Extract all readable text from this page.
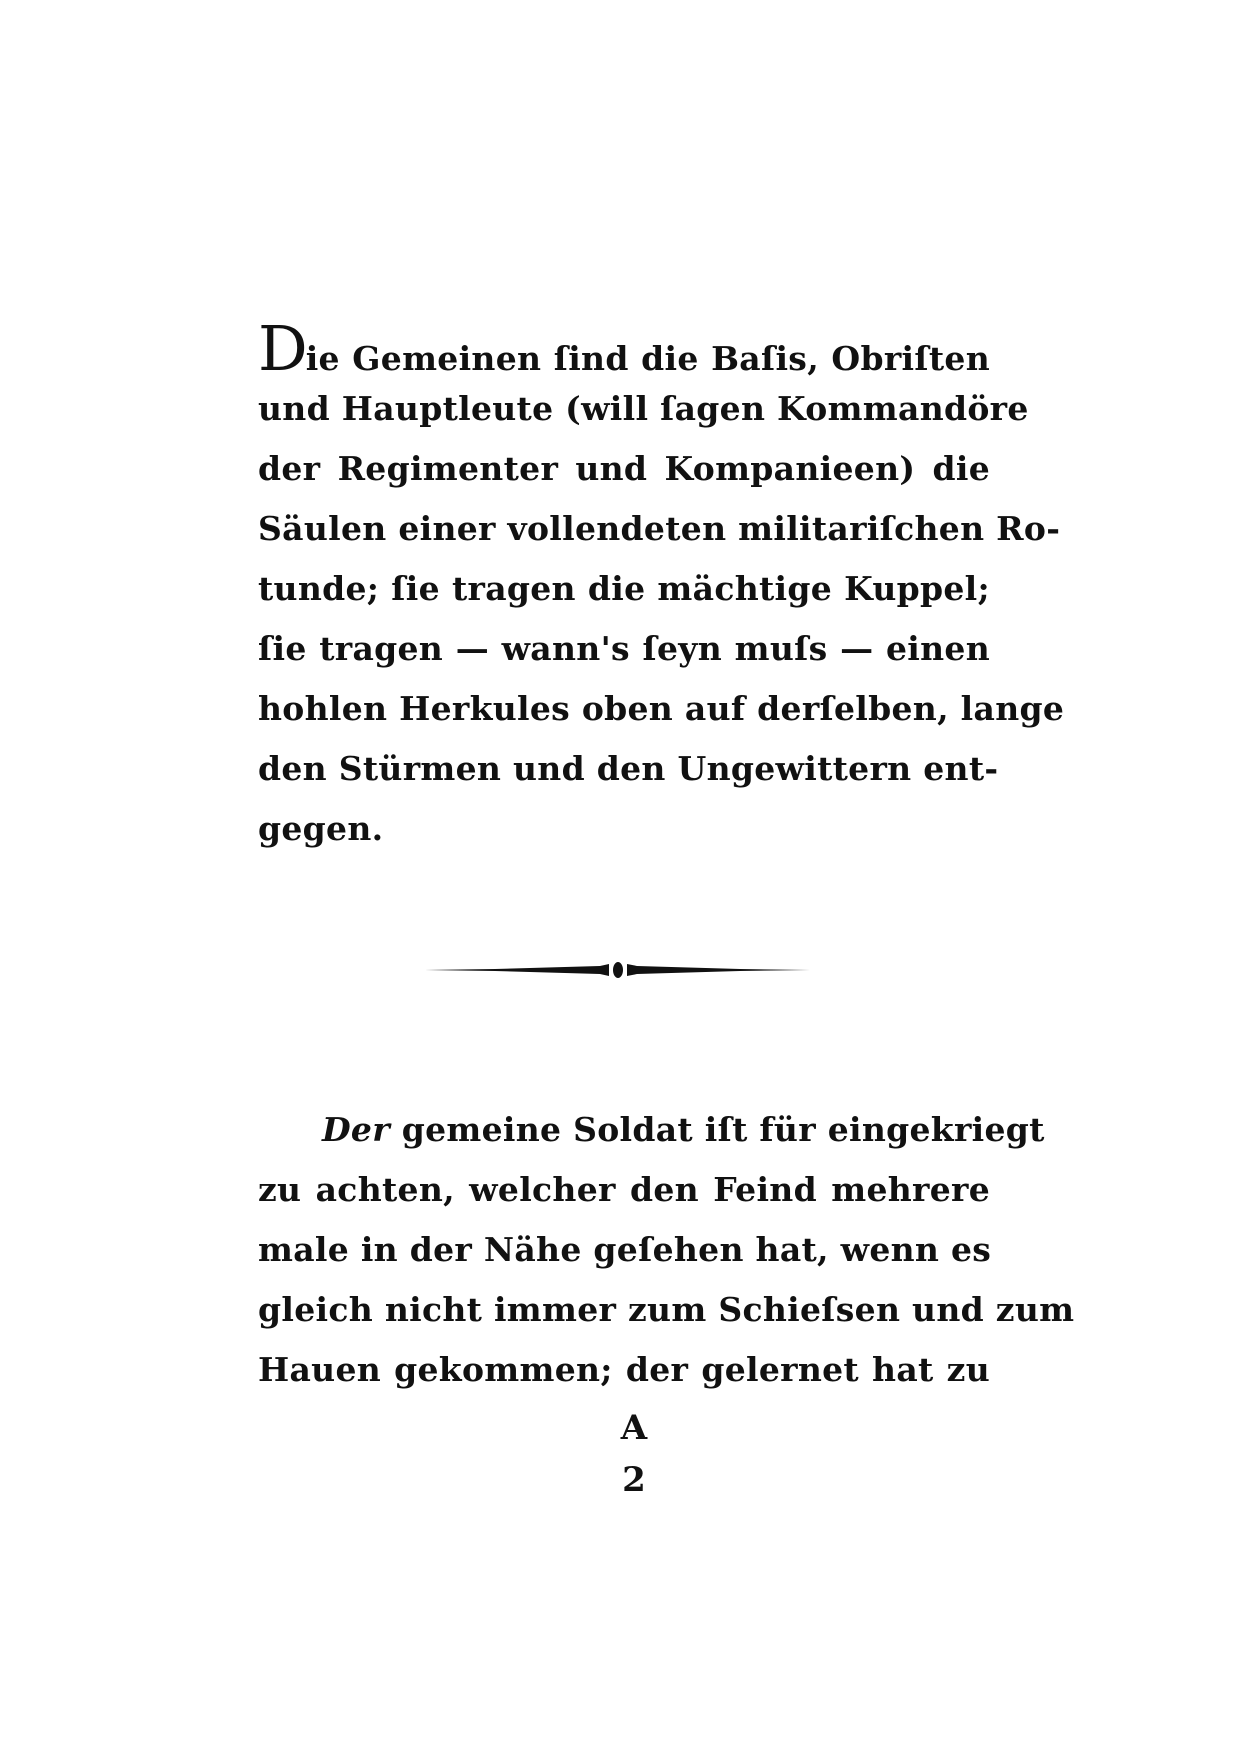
Die Gemeinen ſind die Baſis, Obriſten
und Hauptleute (will ſagen Kommandöre
der Regimenter und Kompanieen) die
Säulen einer vollendeten militariſchen Ro-
tunde; ſie tragen die mächtige Kuppel;
ſie tragen — wann's ſeyn muſs — einen
hohlen Herkules oben auf derſelben, lange
den Stürmen und den Ungewittern ent-
gegen.
Der gemeine Soldat iſt für eingekriegt
zu achten, welcher den Feind mehrere
male in der Nähe geſehen hat, wenn es
gleich nicht immer zum Schieſsen und zum
Hauen gekommen; der gelernet hat zu
A 2
